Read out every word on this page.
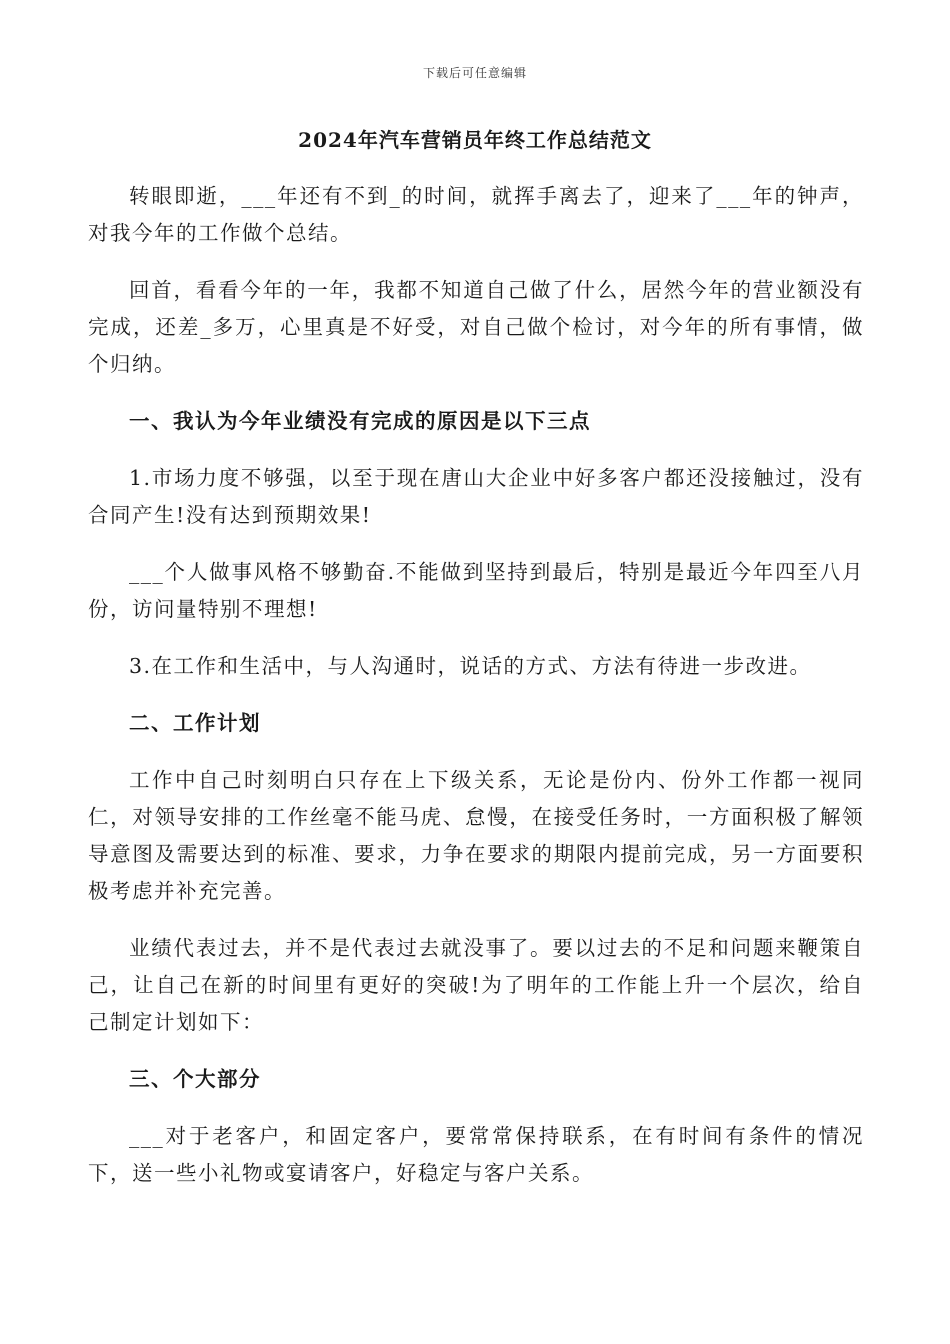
下载后可任意编辑
2024年汽车营销员年终工作总结范文

转眼即逝，___年还有不到_的时间，就挥手离去了，迎来了___年的钟声，对我今年的工作做个总结。

回首，看看今年的一年，我都不知道自己做了什么，居然今年的营业额没有完成，还差_多万，心里真是不好受，对自己做个检讨，对今年的所有事情，做个归纳。

一、我认为今年业绩没有完成的原因是以下三点

1.市场力度不够强，以至于现在唐山大企业中好多客户都还没接触过，没有合同产生!没有达到预期效果!

___个人做事风格不够勤奋.不能做到坚持到最后，特别是最近今年四至八月份，访问量特别不理想!

3.在工作和生活中，与人沟通时，说话的方式、方法有待进一步改进。

二、工作计划

工作中自己时刻明白只存在上下级关系，无论是份内、份外工作都一视同仁，对领导安排的工作丝毫不能马虎、怠慢，在接受任务时，一方面积极了解领导意图及需要达到的标准、要求，力争在要求的期限内提前完成，另一方面要积极考虑并补充完善。

业绩代表过去，并不是代表过去就没事了。要以过去的不足和问题来鞭策自己，让自己在新的时间里有更好的突破!为了明年的工作能上升一个层次，给自己制定计划如下：

三、个大部分

___对于老客户，和固定客户，要常常保持联系，在有时间有条件的情况下，送一些小礼物或宴请客户，好稳定与客户关系。
